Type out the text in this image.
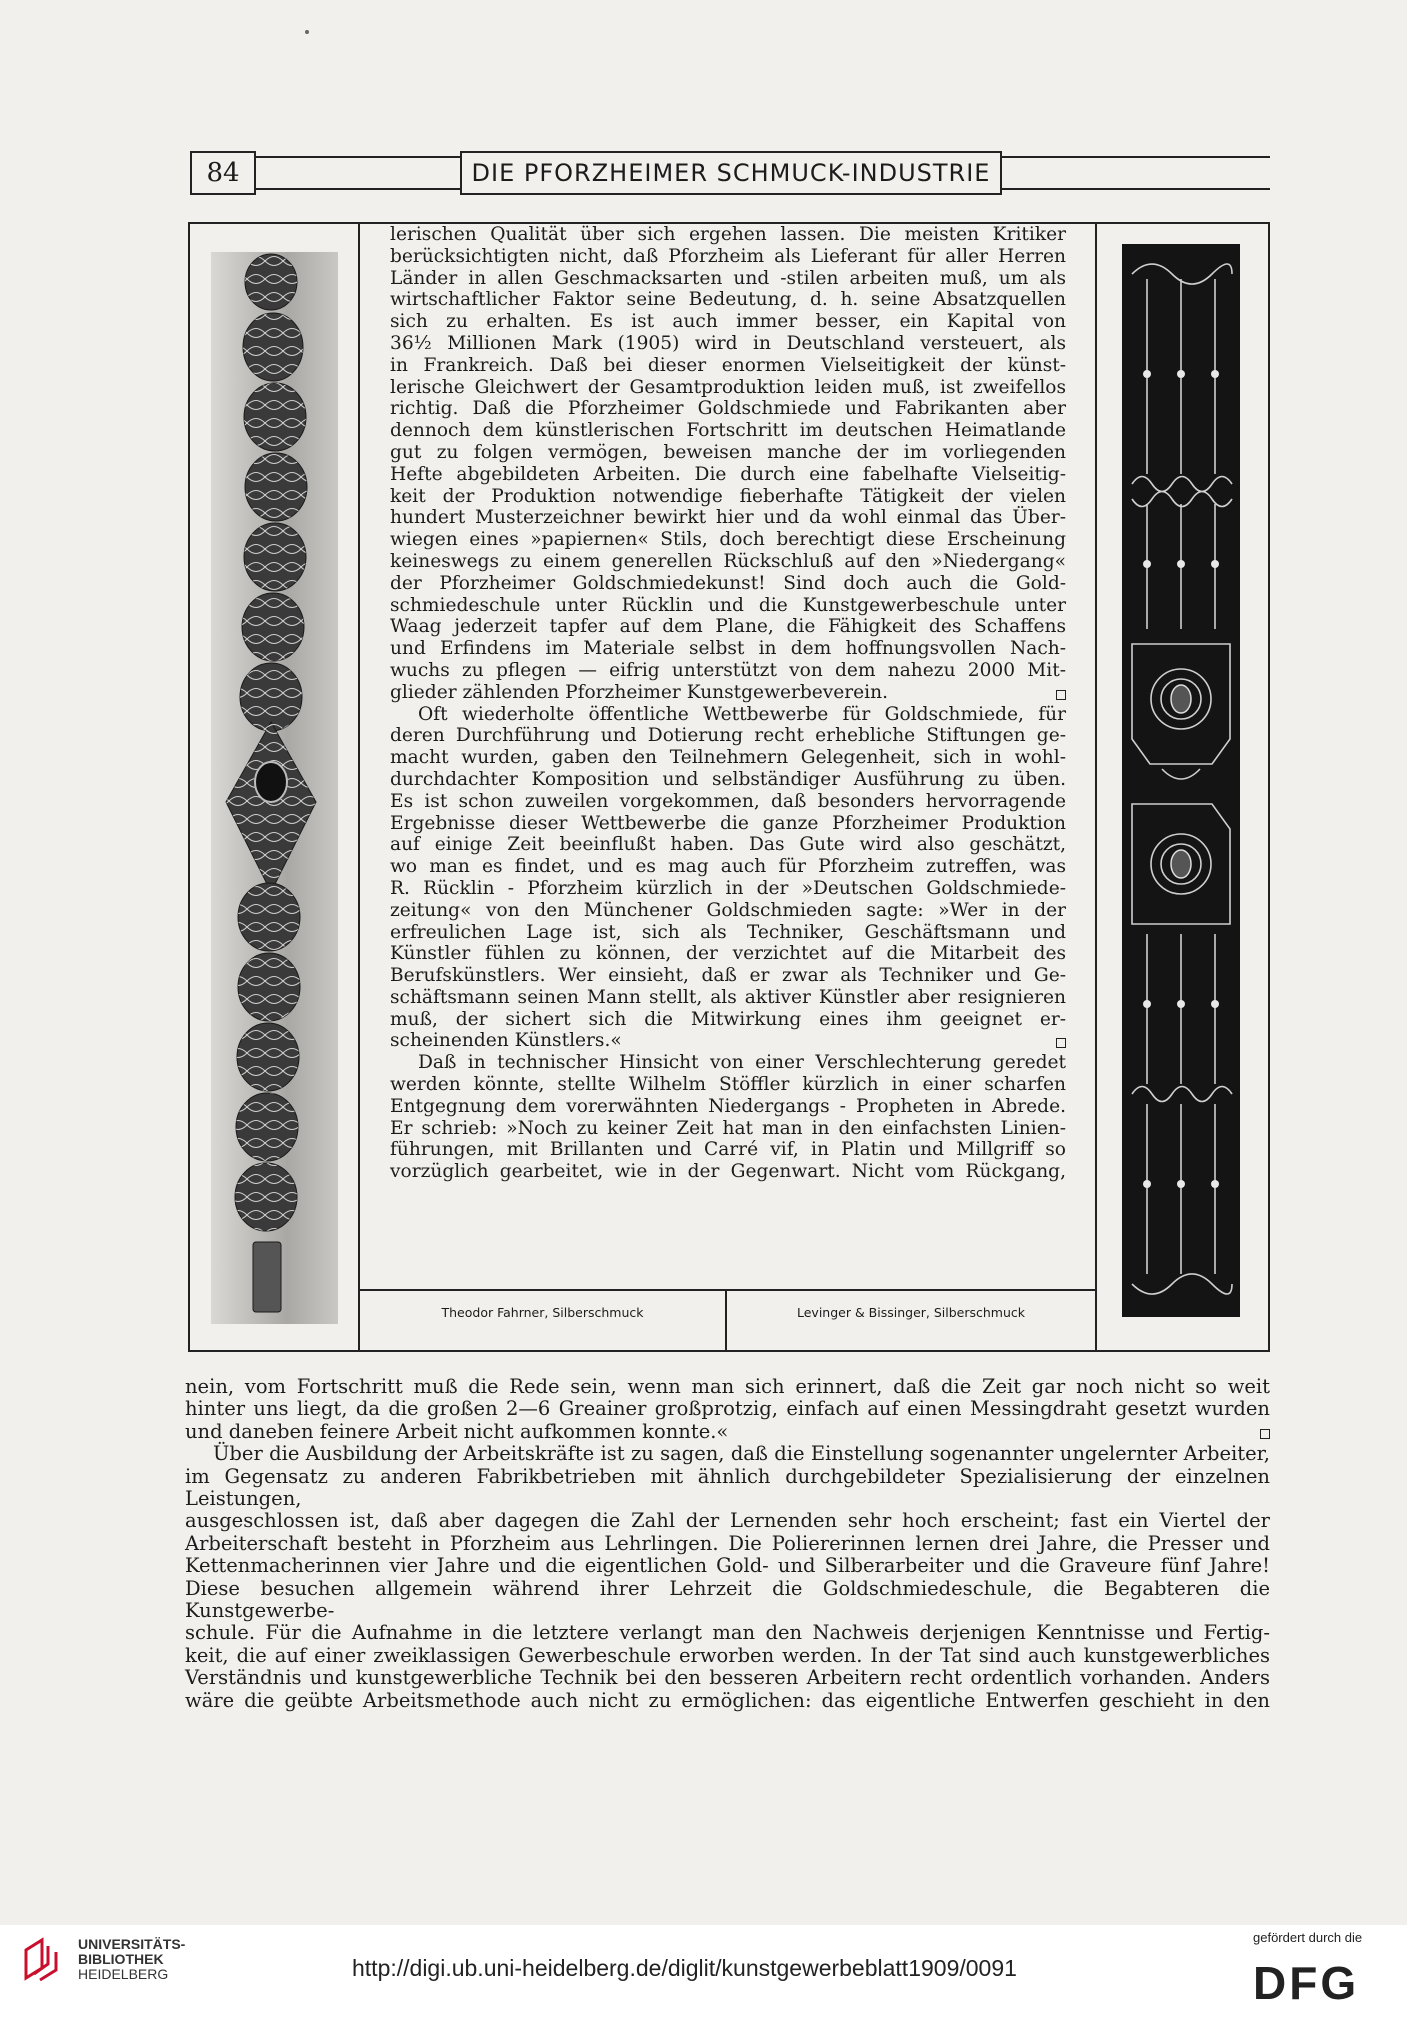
84	DIE PFORZHEIMER SCHMUCK-INDUSTRIE
Theodor Fahrner, Silberschmuck	Levinger & Bissinger, Silberschmuck

lerischen Qualität über sich ergehen lassen. Die meisten Kritiker

berücksichtigten nicht, daß Pforzheim als Lieferant für aller Herren

Länder in allen Geschmacksarten und -stilen arbeiten muß, um als

wirtschaftlicher Faktor seine Bedeutung, d. h. seine Absatzquellen

sich zu erhalten. Es ist auch immer besser, ein Kapital von

36½ Millionen Mark (1905) wird in Deutschland versteuert, als

in Frankreich. Daß bei dieser enormen Vielseitigkeit der künst-

lerische Gleichwert der Gesamtproduktion leiden muß, ist zweifellos

richtig. Daß die Pforzheimer Goldschmiede und Fabrikanten aber

dennoch dem künstlerischen Fortschritt im deutschen Heimatlande

gut zu folgen vermögen, beweisen manche der im vorliegenden

Hefte abgebildeten Arbeiten. Die durch eine fabelhafte Vielseitig-

keit der Produktion notwendige fieberhafte Tätigkeit der vielen

hundert Musterzeichner bewirkt hier und da wohl einmal das Über-

wiegen eines »papiernen« Stils, doch berechtigt diese Erscheinung

keineswegs zu einem generellen Rückschluß auf den »Niedergang«

der Pforzheimer Goldschmiedekunst! Sind doch auch die Gold-

schmiedeschule unter Rücklin und die Kunstgewerbeschule unter

Waag jederzeit tapfer auf dem Plane, die Fähigkeit des Schaffens

und Erfindens im Materiale selbst in dem hoffnungsvollen Nach-

wuchs zu pflegen — eifrig unterstützt von dem nahezu 2000 Mit-

glieder zählenden Pforzheimer Kunstgewerbeverein.

Oft wiederholte öffentliche Wettbewerbe für Goldschmiede, für

deren Durchführung und Dotierung recht erhebliche Stiftungen ge-

macht wurden, gaben den Teilnehmern Gelegenheit, sich in wohl-

durchdachter Komposition und selbständiger Ausführung zu üben.

Es ist schon zuweilen vorgekommen, daß besonders hervorragende

Ergebnisse dieser Wettbewerbe die ganze Pforzheimer Produktion

auf einige Zeit beeinflußt haben. Das Gute wird also geschätzt,

wo man es findet, und es mag auch für Pforzheim zutreffen, was

R. Rücklin - Pforzheim kürzlich in der »Deutschen Goldschmiede-

zeitung« von den Münchener Goldschmieden sagte: »Wer in der

erfreulichen Lage ist, sich als Techniker, Geschäftsmann und

Künstler fühlen zu können, der verzichtet auf die Mitarbeit des

Berufskünstlers. Wer einsieht, daß er zwar als Techniker und Ge-

schäftsmann seinen Mann stellt, als aktiver Künstler aber resignieren

muß, der sichert sich die Mitwirkung eines ihm geeignet er-

scheinenden Künstlers.«

Daß in technischer Hinsicht von einer Verschlechterung geredet

werden könnte, stellte Wilhelm Stöffler kürzlich in einer scharfen

Entgegnung dem vorerwähnten Niedergangs - Propheten in Abrede.

Er schrieb: »Noch zu keiner Zeit hat man in den einfachsten Linien-

führungen, mit Brillanten und Carré vif, in Platin und Millgriff so

vorzüglich gearbeitet, wie in der Gegenwart. Nicht vom Rückgang,

nein, vom Fortschritt muß die Rede sein, wenn man sich erinnert, daß die Zeit gar noch nicht so weit

hinter uns liegt, da die großen 2—6 Greainer großprotzig, einfach auf einen Messingdraht gesetzt wurden

und daneben feinere Arbeit nicht aufkommen konnte.«

Über die Ausbildung der Arbeitskräfte ist zu sagen, daß die Einstellung sogenannter ungelernter Arbeiter,

im Gegensatz zu anderen Fabrikbetrieben mit ähnlich durchgebildeter Spezialisierung der einzelnen Leistungen,

ausgeschlossen ist, daß aber dagegen die Zahl der Lernenden sehr hoch erscheint; fast ein Viertel der

Arbeiterschaft besteht in Pforzheim aus Lehrlingen. Die Poliererinnen lernen drei Jahre, die Presser und

Kettenmacherinnen vier Jahre und die eigentlichen Gold- und Silberarbeiter und die Graveure fünf Jahre!

Diese besuchen allgemein während ihrer Lehrzeit die Goldschmiedeschule, die Begabteren die Kunstgewerbe-

schule. Für die Aufnahme in die letztere verlangt man den Nachweis derjenigen Kenntnisse und Fertig-

keit, die auf einer zweiklassigen Gewerbeschule erworben werden. In der Tat sind auch kunstgewerbliches

Verständnis und kunstgewerbliche Technik bei den besseren Arbeitern recht ordentlich vorhanden. Anders

wäre die geübte Arbeitsmethode auch nicht zu ermöglichen: das eigentliche Entwerfen geschieht in den

UNIVERSITÄTS-
BIBLIOTHEK
HEIDELBERG	http://digi.ub.uni-heidelberg.de/diglit/kunstgewerbeblatt1909/0091
gefördert durch die
DFG
